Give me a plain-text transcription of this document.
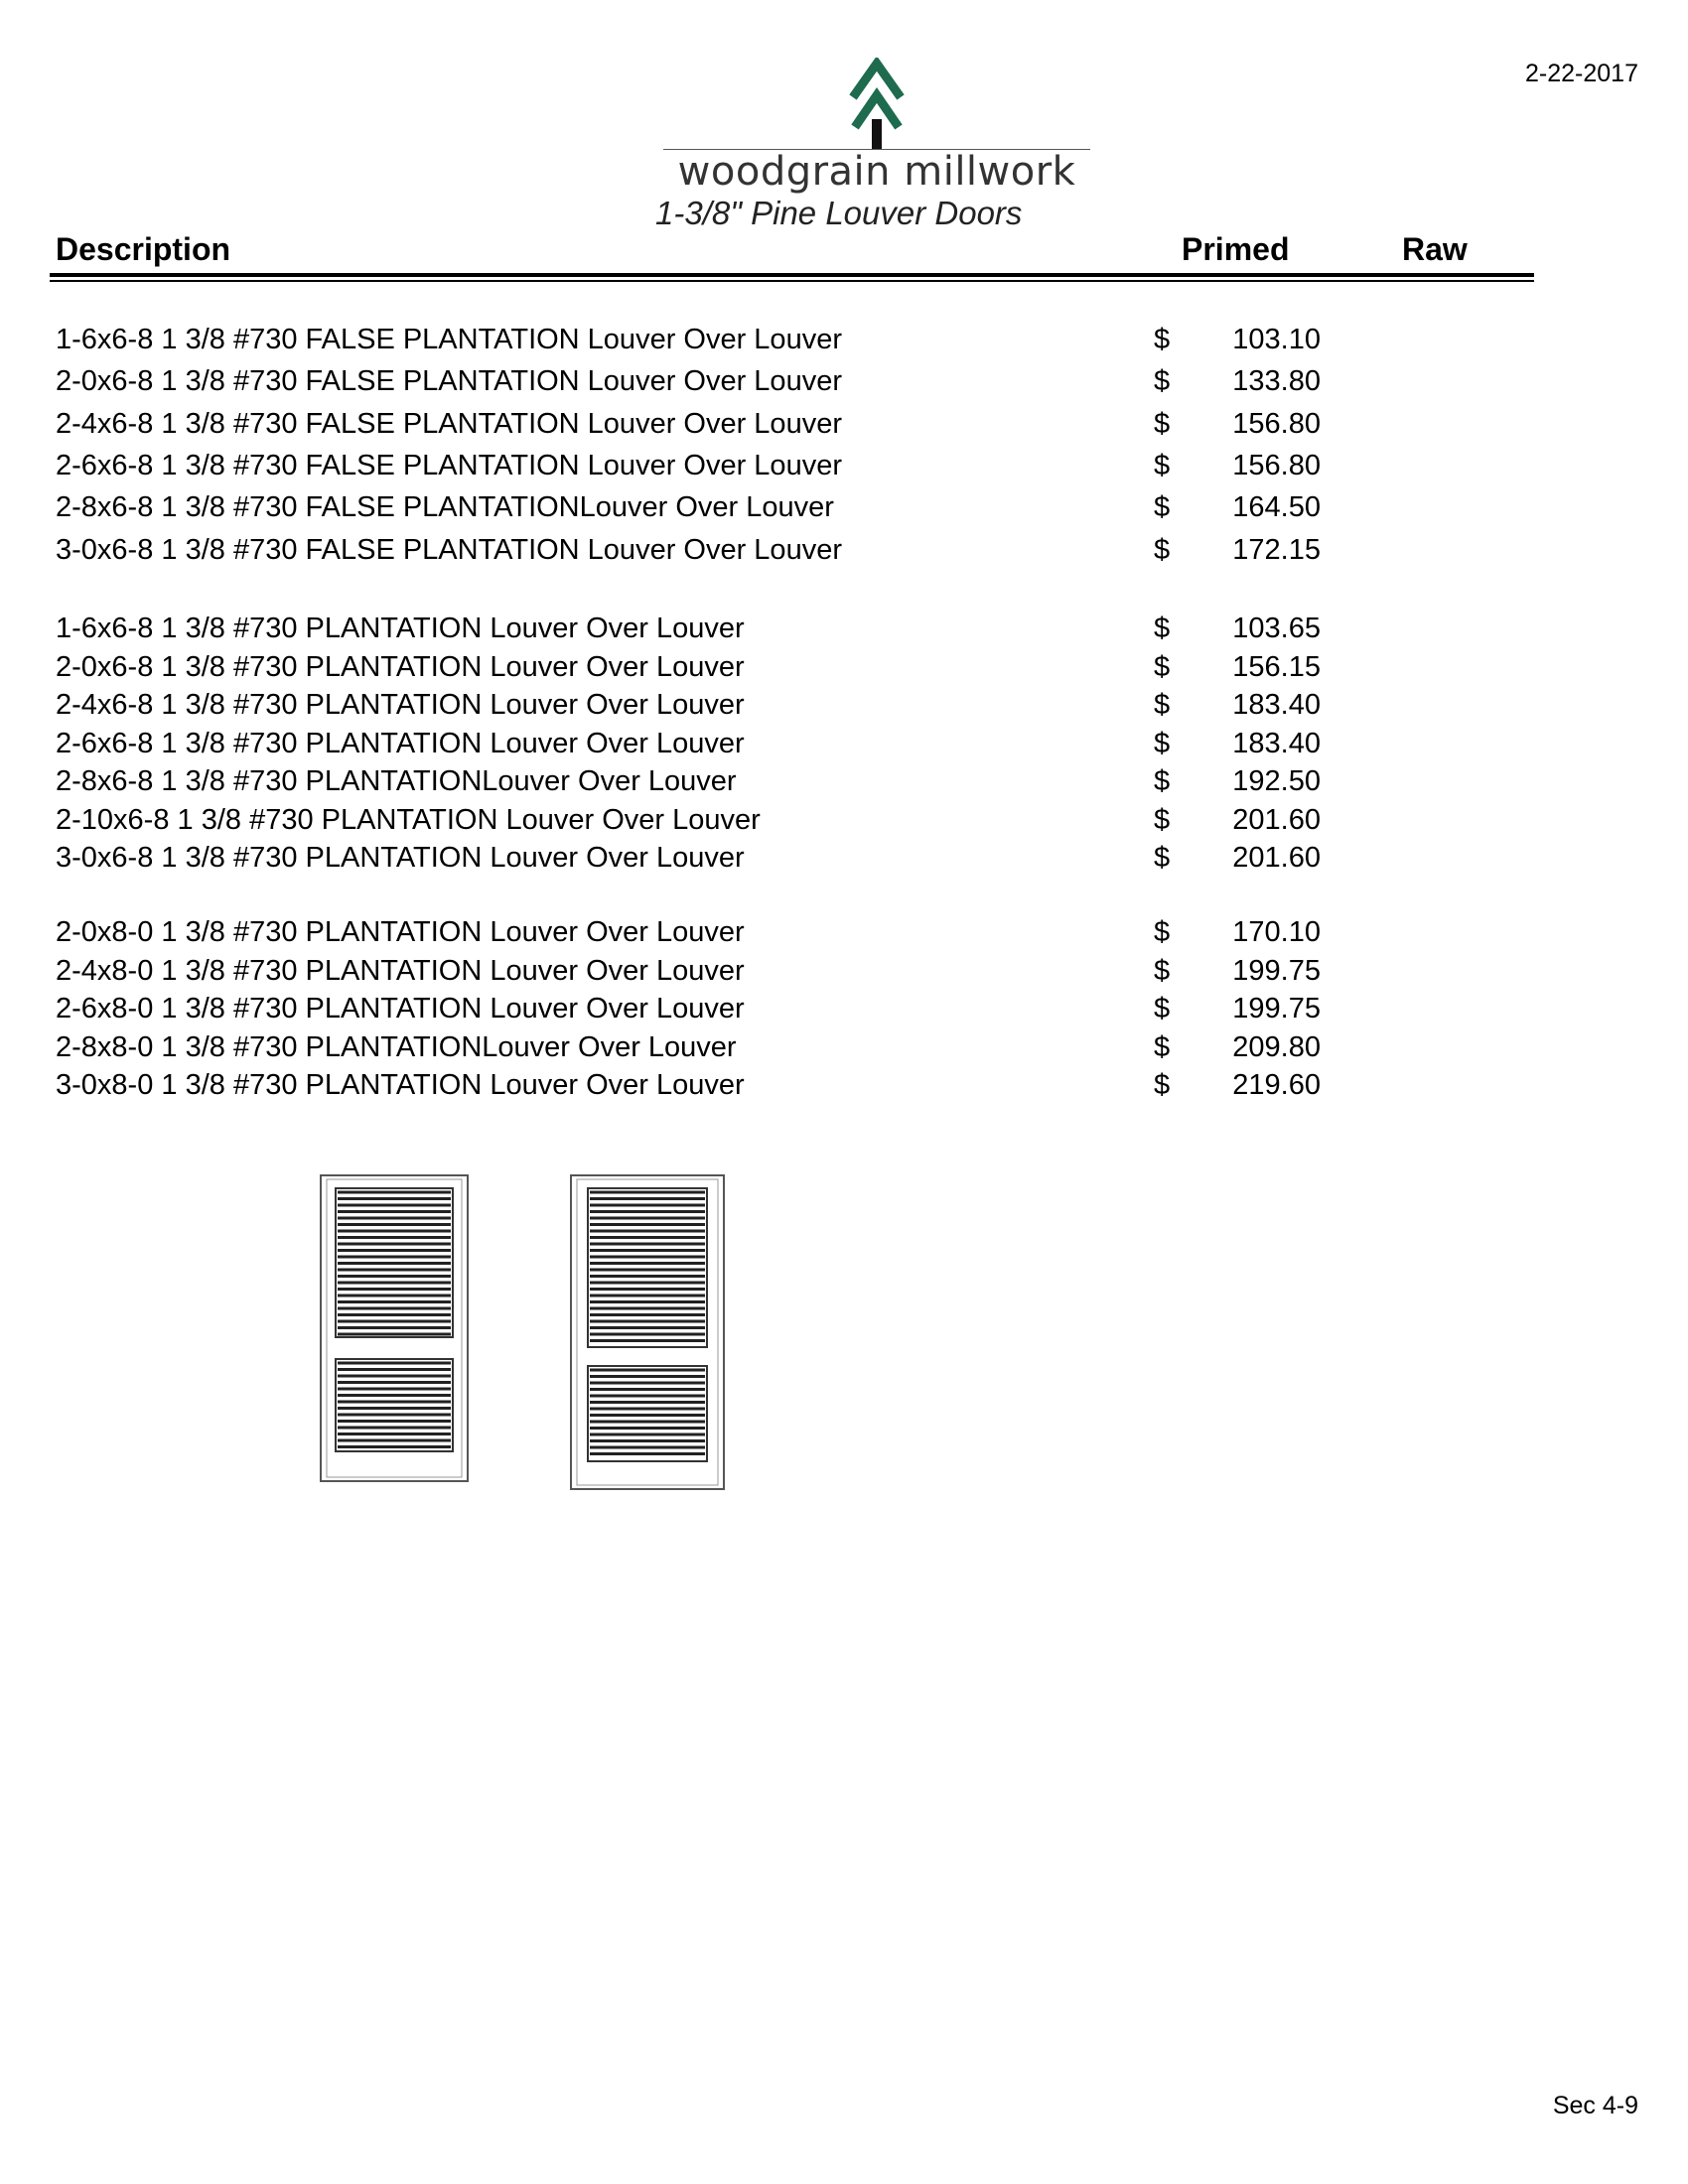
2-22-2017
woodgrain millwork
1-3/8" Pine Louver Doors
Description	Primed	Raw
1-6x6-8 1 3/8 #730 FALSE PLANTATION Louver Over Louver	$	103.10
2-0x6-8 1 3/8 #730 FALSE PLANTATION Louver Over Louver	$	133.80
2-4x6-8 1 3/8 #730 FALSE PLANTATION Louver Over Louver	$	156.80
2-6x6-8 1 3/8 #730 FALSE PLANTATION Louver Over Louver	$	156.80
2-8x6-8 1 3/8 #730 FALSE PLANTATIONLouver Over Louver	$	164.50
3-0x6-8 1 3/8 #730 FALSE PLANTATION Louver Over Louver	$	172.15
1-6x6-8 1 3/8 #730 PLANTATION Louver Over Louver	$	103.65
2-0x6-8 1 3/8 #730 PLANTATION Louver Over Louver	$	156.15
2-4x6-8 1 3/8 #730 PLANTATION Louver Over Louver	$	183.40
2-6x6-8 1 3/8 #730 PLANTATION Louver Over Louver	$	183.40
2-8x6-8 1 3/8 #730 PLANTATIONLouver Over Louver	$	192.50
2-10x6-8 1 3/8 #730 PLANTATION Louver Over Louver	$	201.60
3-0x6-8 1 3/8 #730 PLANTATION Louver Over Louver	$	201.60
2-0x8-0 1 3/8 #730 PLANTATION Louver Over Louver	$	170.10
2-4x8-0 1 3/8 #730 PLANTATION Louver Over Louver	$	199.75
2-6x8-0 1 3/8 #730 PLANTATION Louver Over Louver	$	199.75
2-8x8-0 1 3/8 #730 PLANTATIONLouver Over Louver	$	209.80
3-0x8-0 1 3/8 #730 PLANTATION Louver Over Louver	$	219.60
Sec 4-9
